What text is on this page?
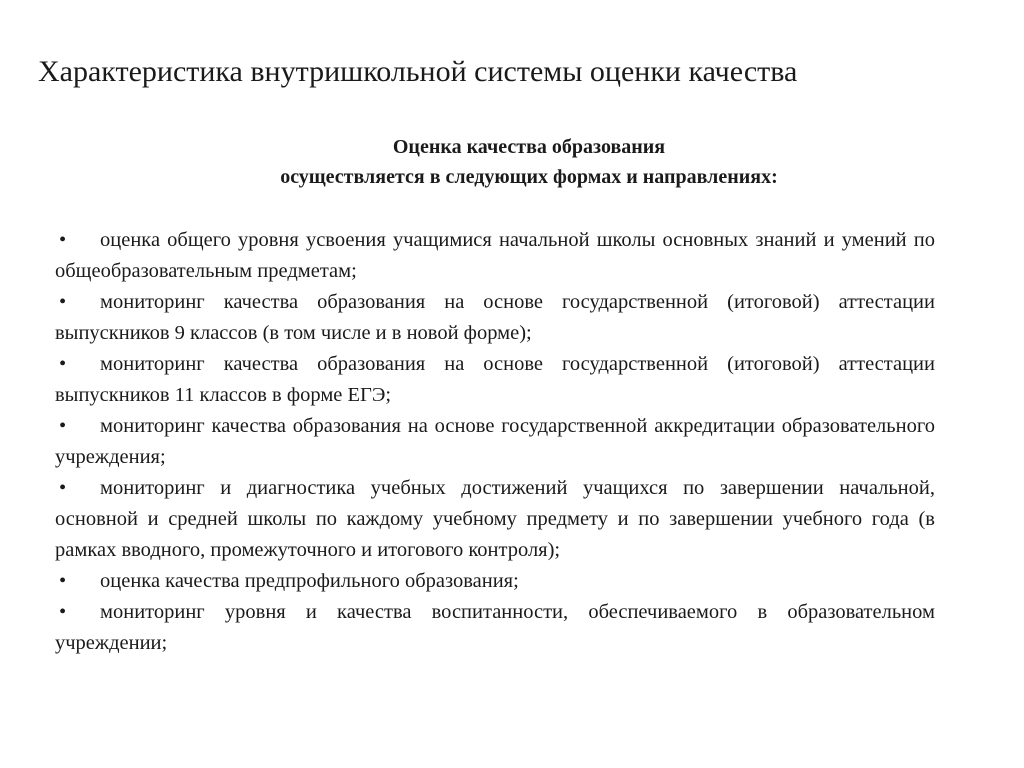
Характеристика внутришкольной системы оценки качества
Оценка качества образования
осуществляется в следующих формах и направлениях:
• оценка общего уровня усвоения учащимися начальной школы основных знаний и умений по общеобразовательным предметам;
• мониторинг качества образования на основе государственной (итоговой) аттестации выпускников 9 классов (в том числе и в новой форме);
• мониторинг качества образования на основе государственной (итоговой) аттестации выпускников 11 классов в форме ЕГЭ;
• мониторинг качества образования на основе государственной аккредитации образовательного учреждения;
• мониторинг и диагностика учебных достижений учащихся по завершении начальной, основной и средней школы по каждому учебному предмету и по завершении учебного года (в рамках вводного, промежуточного и итогового контроля);
• оценка качества предпрофильного образования;
• мониторинг уровня и качества воспитанности, обеспечиваемого в образовательном учреждении;
